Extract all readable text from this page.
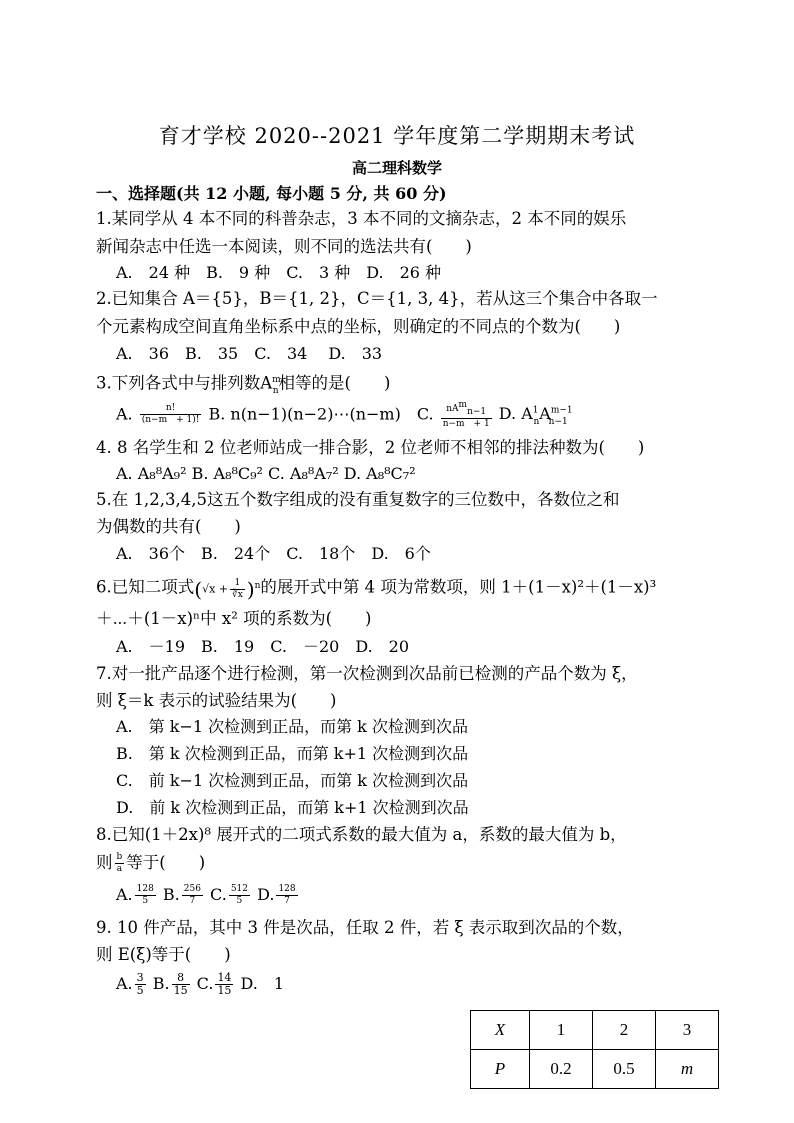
育才学校 2020--2021 学年度第二学期期末考试
高二理科数学
一、选择题(共 12 小题, 每小题 5 分, 共 60 分)
1.某同学从 4 本不同的科普杂志，3 本不同的文摘杂志，2 本不同的娱乐
新闻杂志中任选一本阅读，则不同的选法共有(　　)
A.　24 种　B.　9 种　C.　3 种　D.　26 种
2.已知集合 A＝{5}，B＝{1, 2}，C＝{1, 3, 4}，若从这三个集合中各取一
个元素构成空间直角坐标系中点的坐标，则确定的不同点的个数为(　　)
A.　36　B.　35　C.　34　 D.　33
3.下列各式中与排列数$A^m_n$相等的是(　　)
A. $\frac{n!}{(n-m + 1)!} B$. n(n−1)(n−2)⋯(n−m)　C. $\frac{nA^m_{n-1}}{n-m + 1} D$. $A^1_nA^{m-1}_{n-1}$
4. 8 名学生和 2 位老师站成一排合影，2 位老师不相邻的排法种数为(　　)
A. A₈⁸A₉² B. A₈⁸C₉² C. A₈⁸A₇² D. A₈⁸C₇²
5.在 1,2,3,4,5这五个数字组成的没有重复数字的三位数中，各数位之和
为偶数的共有(　　)
A.　36个　B.　24个　C.　18个　D.　6个
6.已知二项式$(√x + \frac{1}{∛x} )^n$的展开式中第 4 项为常数项，则 1＋(1－x)²＋(1－x)³
＋⋯＋(1－x)ⁿ中 x² 项的系数为(　　)
A.　－19　B.　19　C.　－20　D.　20
7.对一批产品逐个进行检测，第一次检测到次品前已检测的产品个数为 ξ，
则 ξ＝k 表示的试验结果为(　　)
A.　第 k−1 次检测到正品，而第 k 次检测到次品
B.　第 k 次检测到正品，而第 k+1 次检测到次品
C.　前 k−1 次检测到正品，而第 k 次检测到次品
D.　前 k 次检测到正品，而第 k+1 次检测到次品
8.已知(1＋2x)⁸ 展开式的二项式系数的最大值为 a，系数的最大值为 b，
则 $\frac{b}{a}$ 等于(　　)
A. $\frac{128}{5} B$. $\frac{256}{7} C$. $\frac{512}{5} D$. $\frac{128}{7}$
9. 10 件产品，其中 3 件是次品，任取 2 件，若 ξ 表示取到次品的个数，
则 E(ξ)等于(　　)
A. $\frac{3}{5} B$. $\frac{8}{15} C$. $\frac{14}{15} D$.　1
X	1	2	3
P	0.2	0.5	m
